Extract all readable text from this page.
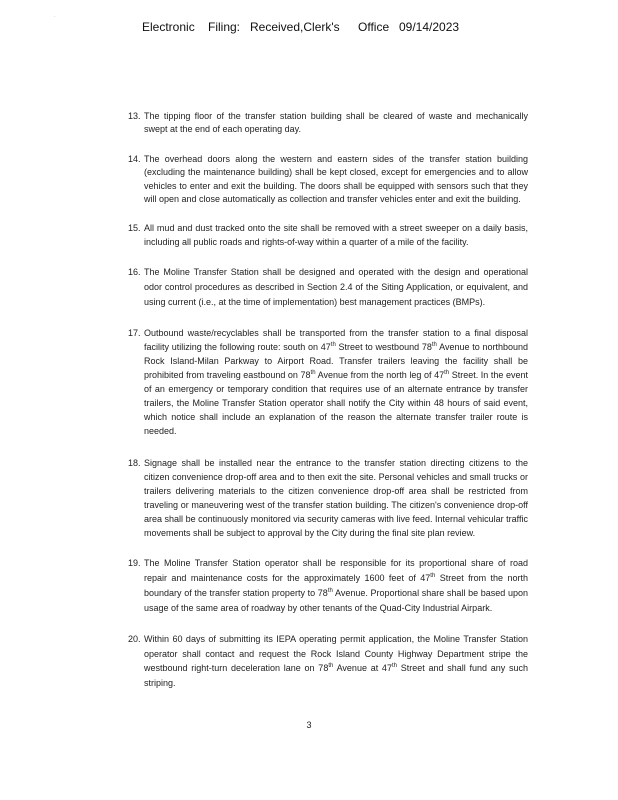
Electronic Filing: Received,Clerk's Office 09/14/2023
·
13. The tipping floor of the transfer station building shall be cleared of waste and mechanically swept at the end of each operating day.
14. The overhead doors along the western and eastern sides of the transfer station building (excluding the maintenance building) shall be kept closed, except for emergencies and to allow vehicles to enter and exit the building. The doors shall be equipped with sensors such that they will open and close automatically as collection and transfer vehicles enter and exit the building.
15. All mud and dust tracked onto the site shall be removed with a street sweeper on a daily basis, including all public roads and rights-of-way within a quarter of a mile of the facility.
16. The Moline Transfer Station shall be designed and operated with the design and operational odor control procedures as described in Section 2.4 of the Siting Application, or equivalent, and using current (i.e., at the time of implementation) best management practices (BMPs).
17. Outbound waste/recyclables shall be transported from the transfer station to a final disposal facility utilizing the following route: south on 47th Street to westbound 78th Avenue to northbound Rock Island-Milan Parkway to Airport Road. Transfer trailers leaving the facility shall be prohibited from traveling eastbound on 78th Avenue from the north leg of 47th Street. In the event of an emergency or temporary condition that requires use of an alternate entrance by transfer trailers, the Moline Transfer Station operator shall notify the City within 48 hours of said event, which notice shall include an explanation of the reason the alternate transfer trailer route is needed.
18. Signage shall be installed near the entrance to the transfer station directing citizens to the citizen convenience drop-off area and to then exit the site. Personal vehicles and small trucks or trailers delivering materials to the citizen convenience drop-off area shall be restricted from traveling or maneuvering west of the transfer station building. The citizen's convenience drop-off area shall be continuously monitored via security cameras with live feed. Internal vehicular traffic movements shall be subject to approval by the City during the final site plan review.
19. The Moline Transfer Station operator shall be responsible for its proportional share of road repair and maintenance costs for the approximately 1600 feet of 47th Street from the north boundary of the transfer station property to 78th Avenue. Proportional share shall be based upon usage of the same area of roadway by other tenants of the Quad-City Industrial Airpark.
20. Within 60 days of submitting its IEPA operating permit application, the Moline Transfer Station operator shall contact and request the Rock Island County Highway Department stripe the westbound right-turn deceleration lane on 78th Avenue at 47th Street and shall fund any such striping.
3
